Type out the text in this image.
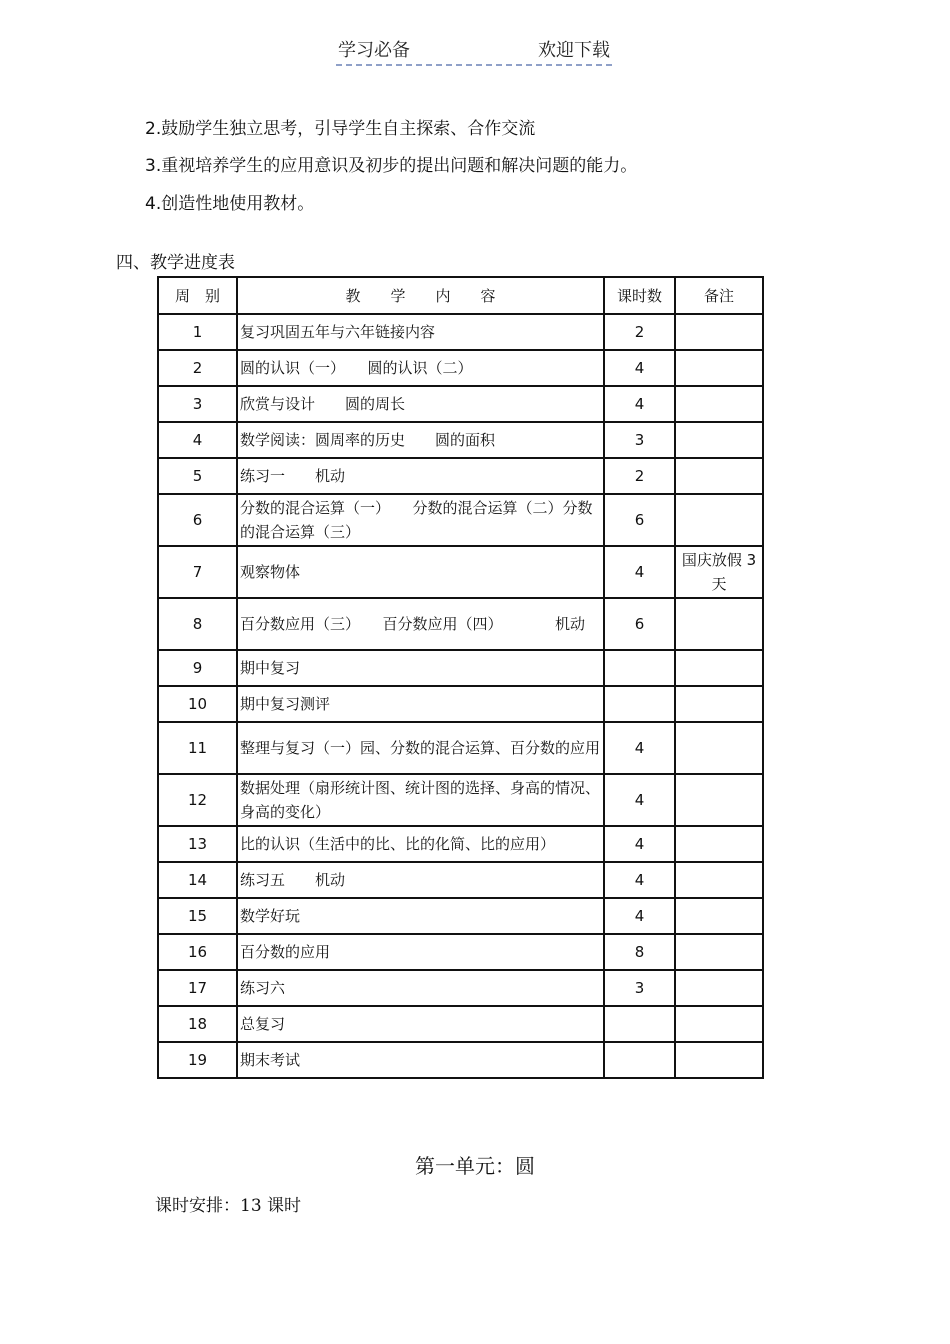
学习必备	欢迎下载
2.鼓励学生独立思考，引导学生自主探索、合作交流
3.重视培养学生的应用意识及初步的提出问题和解决问题的能力。
4.创造性地使用教材。
四、教学进度表
周　别	教　　学　　内　　容	课时数	备注
1	复习巩固五年与六年链接内容	2	
2	圆的认识（一）　　圆的认识（二）	4	
3	欣赏与设计　　圆的周长	4	
4	数学阅读：圆周率的历史　　圆的面积	3	
5	练习一　　机动	2	
6	分数的混合运算（一）　　分数的混合运算（二）分数的混合运算（三）	6	
7	观察物体	4	国庆放假 3 天
8	百分数应用（三）　　百分数应用（四）　　　　机动	6	
9	期中复习		
10	期中复习测评		
11	整理与复习（一）园、分数的混合运算、百分数的应用	4	
12	数据处理（扇形统计图、统计图的选择、身高的情况、身高的变化）	4	
13	比的认识（生活中的比、比的化简、比的应用）	4	
14	练习五　　机动	4	
15	数学好玩	4	
16	百分数的应用	8	
17	练习六	3	
18	总复习		
19	期末考试		
第一单元：圆
课时安排：13 课时
